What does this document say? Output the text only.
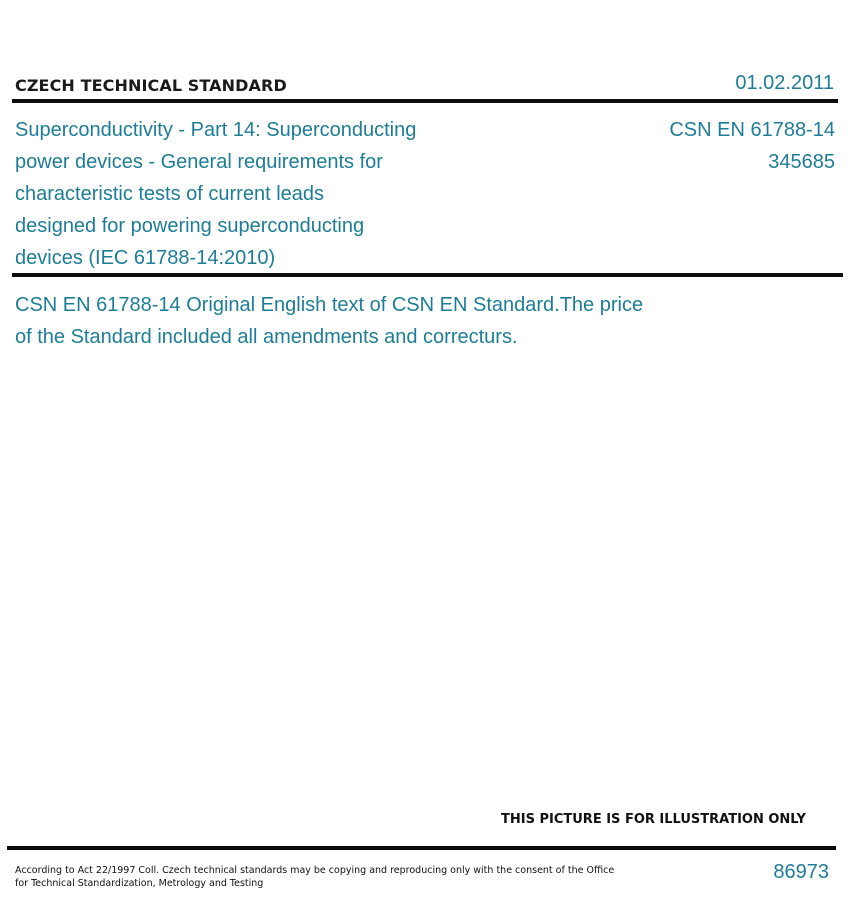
CZECH TECHNICAL STANDARD	01.02.2011
Superconductivity - Part 14: Superconducting
power devices - General requirements for
characteristic tests of current leads
designed for powering superconducting
devices (IEC 61788-14:2010)
CSN EN 61788-14
345685
CSN EN 61788-14 Original English text of CSN EN Standard.The price
of the Standard included all amendments and correcturs.
THIS PICTURE IS FOR ILLUSTRATION ONLY
According to Act 22/1997 Coll. Czech technical standards may be copying and reproducing only with the consent of the Office
for Technical Standardization, Metrology and Testing
86973
